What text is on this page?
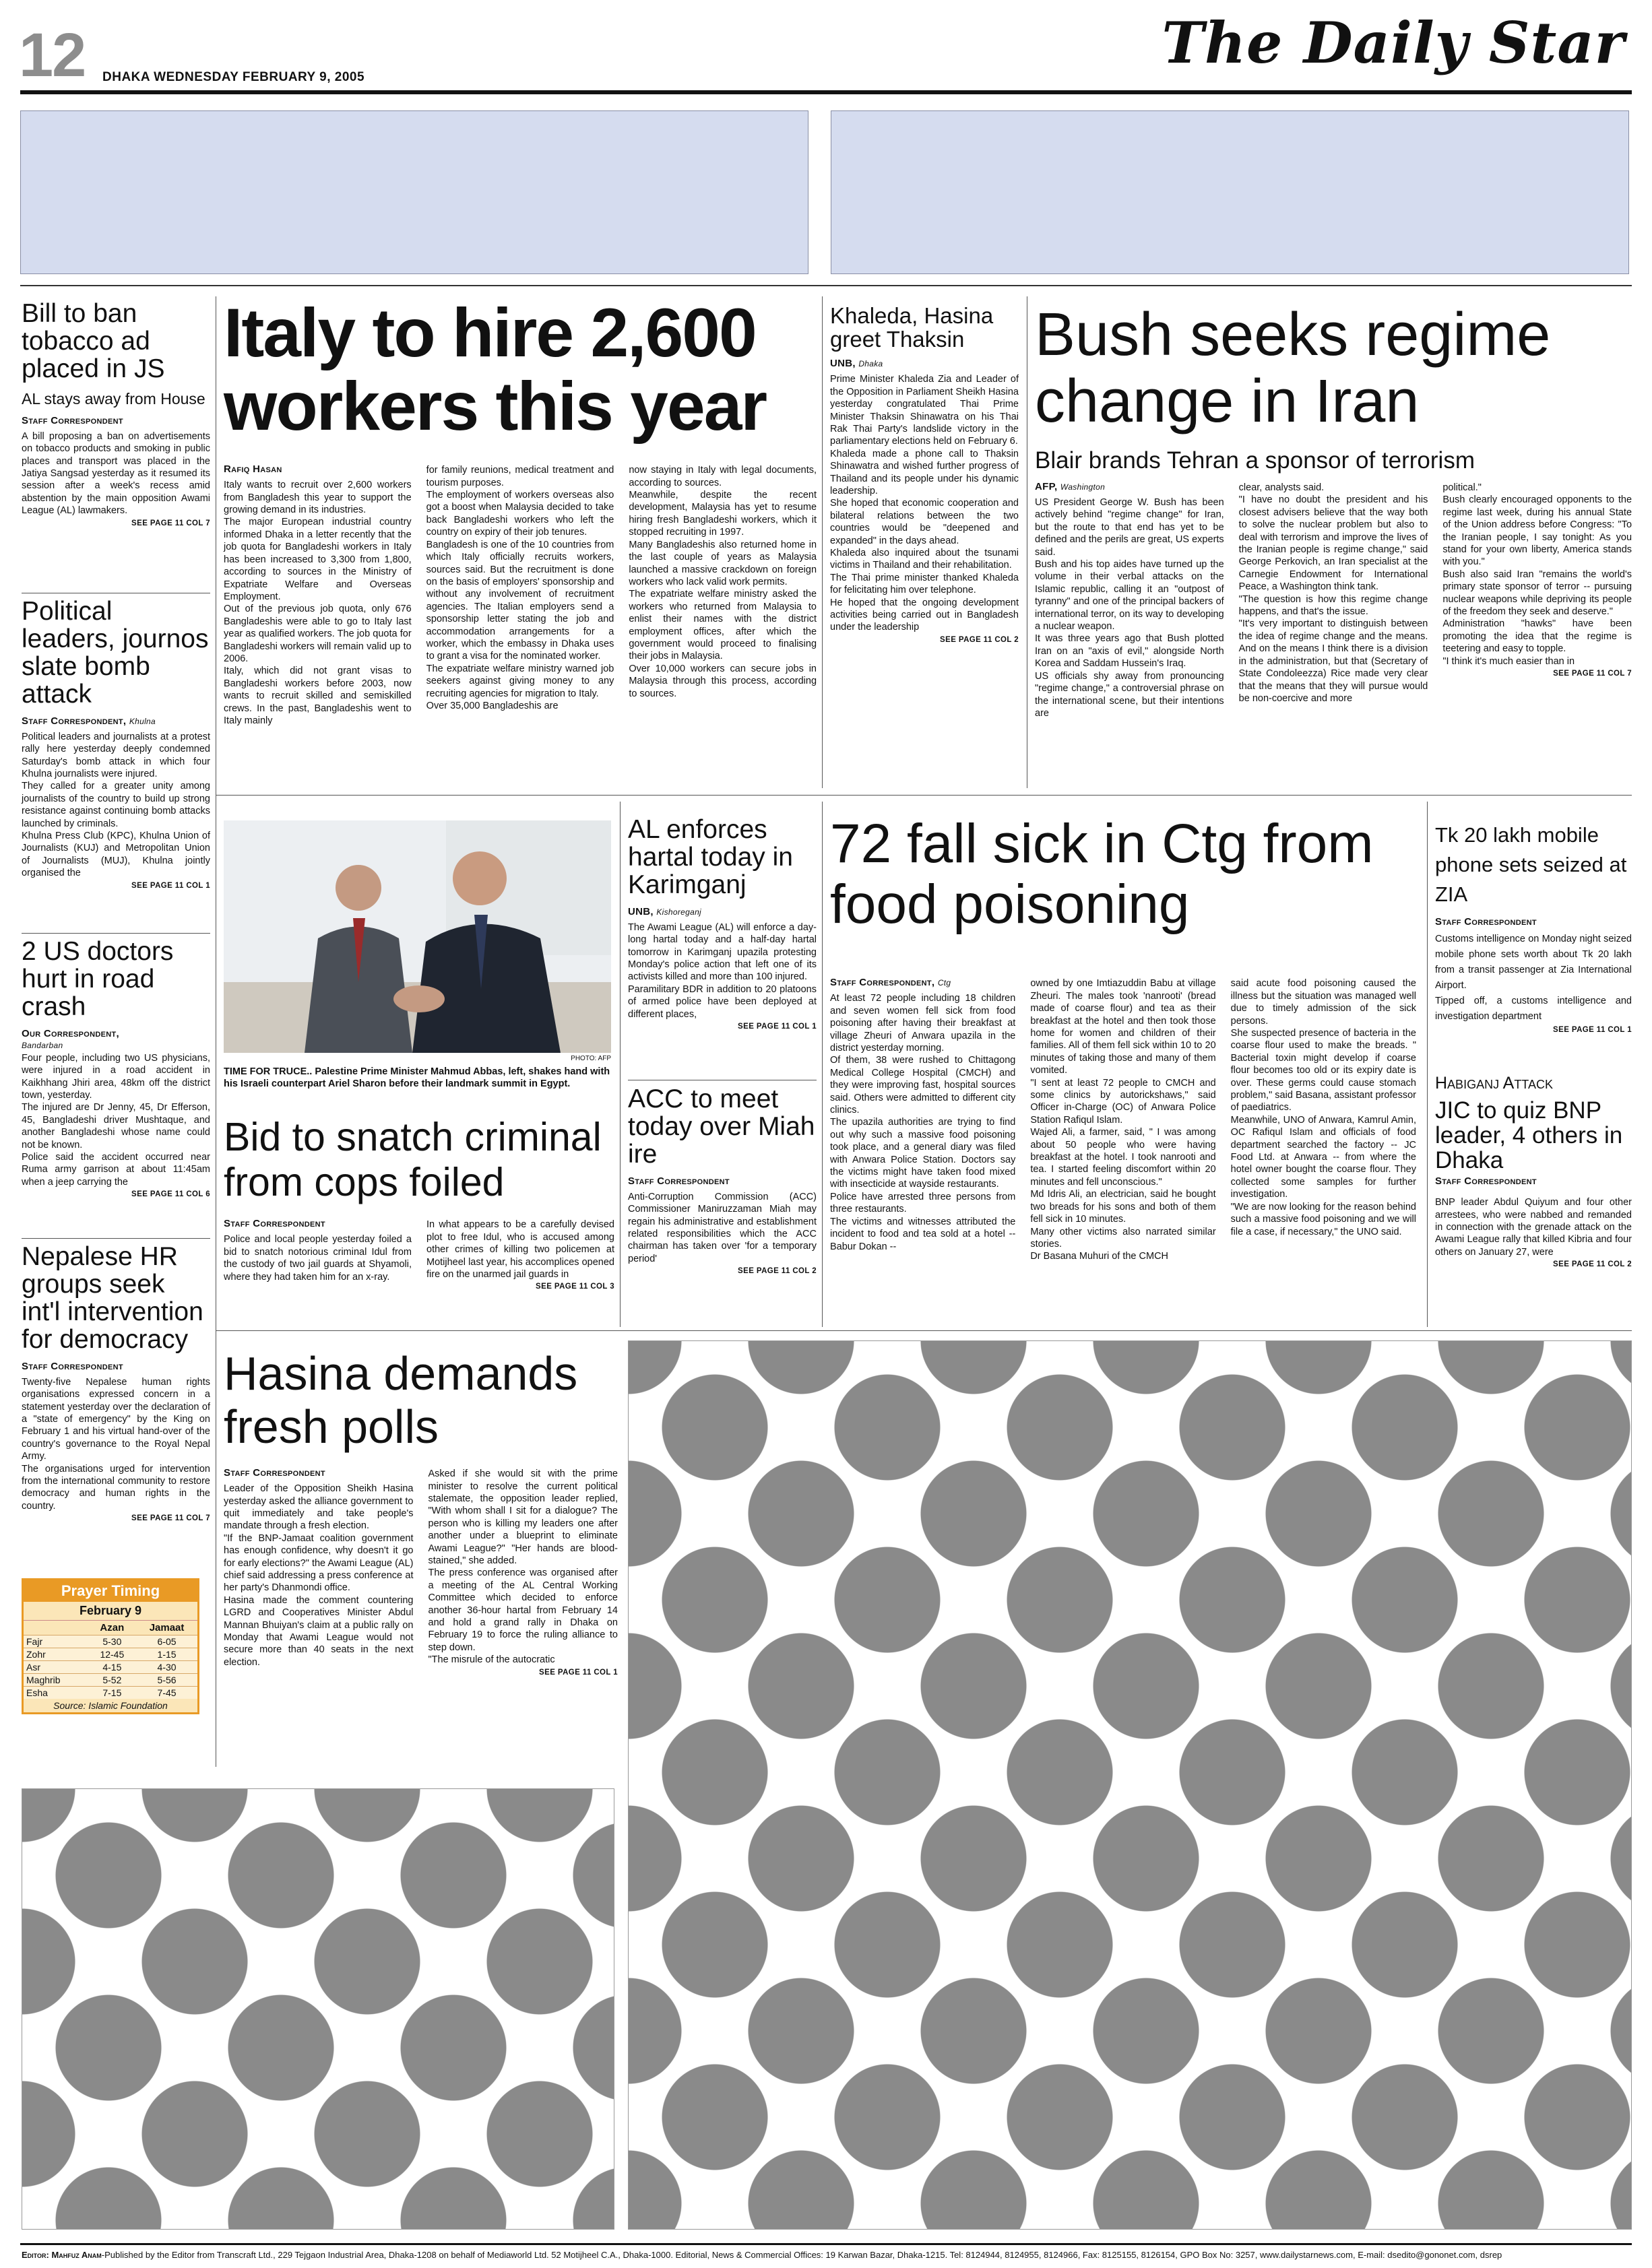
12 DHAKA WEDNESDAY FEBRUARY 9, 2005
The Daily Star
Bill to ban tobacco ad placed in JS
AL stays away from House
Staff Correspondent
A bill proposing a ban on advertisements on tobacco products and smoking in public places and transport was placed in the Jatiya Sangsad yesterday as it resumed its session after a week's recess amid abstention by the main opposition Awami League (AL) lawmakers.
SEE PAGE 11 COL 7
Political leaders, journos slate bomb attack
Staff Correspondent, Khulna
Political leaders and journalists at a protest rally here yesterday deeply condemned Saturday's bomb attack in which four Khulna journalists were injured.
They called for a greater unity among journalists of the country to build up strong resistance against continuing bomb attacks launched by criminals.
Khulna Press Club (KPC), Khulna Union of Journalists (KUJ) and Metropolitan Union of Journalists (MUJ), Khulna jointly organised the
SEE PAGE 11 COL 1
2 US doctors hurt in road crash
Our Correspondent,
Bandarban
Four people, including two US physicians, were injured in a road accident in Kaikhhang Jhiri area, 48km off the district town, yesterday.
The injured are Dr Jenny, 45, Dr Efferson, 45, Bangladeshi driver Mushtaque, and another Bangladeshi whose name could not be known.
Police said the accident occurred near Ruma army garrison at about 11:45am when a jeep carrying the
SEE PAGE 11 COL 6
Nepalese HR groups seek int'l intervention for democracy
Staff Correspondent
Twenty-five Nepalese human rights organisations expressed concern in a statement yesterday over the declaration of a "state of emergency" by the King on February 1 and his virtual hand-over of the country's governance to the Royal Nepal Army.
The organisations urged for intervention from the international community to restore democracy and human rights in the country.
SEE PAGE 11 COL 7
Prayer Timing
February 9
	Azan	Jamaat
Fajr	5-30	6-05
Zohr	12-45	1-15
Asr	4-15	4-30
Maghrib	5-52	5-56
Esha	7-15	7-45
Source: Islamic Foundation
Italy to hire 2,600 workers this year
Rafiq Hasan
Italy wants to recruit over 2,600 workers from Bangladesh this year to support the growing demand in its industries.
The major European industrial country informed Dhaka in a letter recently that the job quota for Bangladeshi workers in Italy has been increased to 3,300 from 1,800, according to sources in the Ministry of Expatriate Welfare and Overseas Employment.
Out of the previous job quota, only 676 Bangladeshis were able to go to Italy last year as qualified workers. The job quota for Bangladeshi workers will remain valid up to 2006.
Italy, which did not grant visas to Bangladeshi workers before 2003, now wants to recruit skilled and semiskilled crews. In the past, Bangladeshis went to Italy mainly
for family reunions, medical treatment and tourism purposes.
The employment of workers overseas also got a boost when Malaysia decided to take back Bangladeshi workers who left the country on expiry of their job tenures.
Bangladesh is one of the 10 countries from which Italy officially recruits workers, sources said. But the recruitment is done on the basis of employers' sponsorship and without any involvement of recruitment agencies. The Italian employers send a sponsorship letter stating the job and accommodation arrangements for a worker, which the embassy in Dhaka uses to grant a visa for the nominated worker.
The expatriate welfare ministry warned job seekers against giving money to any recruiting agencies for migration to Italy.
Over 35,000 Bangladeshis are
now staying in Italy with legal documents, according to sources.
Meanwhile, despite the recent development, Malaysia has yet to resume hiring fresh Bangladeshi workers, which it stopped recruiting in 1997.
Many Bangladeshis also returned home in the last couple of years as Malaysia launched a massive crackdown on foreign workers who lack valid work permits.
The expatriate welfare ministry asked the workers who returned from Malaysia to enlist their names with the district employment offices, after which the government would proceed to finalising their jobs in Malaysia.
Over 10,000 workers can secure jobs in Malaysia through this process, according to sources.
Khaleda, Hasina greet Thaksin
UNB, Dhaka
Prime Minister Khaleda Zia and Leader of the Opposition in Parliament Sheikh Hasina yesterday congratulated Thai Prime Minister Thaksin Shinawatra on his Thai Rak Thai Party's landslide victory in the parliamentary elections held on February 6.
Khaleda made a phone call to Thaksin Shinawatra and wished further progress of Thailand and its people under his dynamic leadership.
She hoped that economic cooperation and bilateral relations between the two countries would be "deepened and expanded" in the days ahead.
Khaleda also inquired about the tsunami victims in Thailand and their rehabilitation.
The Thai prime minister thanked Khaleda for felicitating him over telephone.
He hoped that the ongoing development activities being carried out in Bangladesh under the leadership
SEE PAGE 11 COL 2
Bush seeks regime change in Iran
Blair brands Tehran a sponsor of terrorism
AFP, Washington
US President George W. Bush has been actively behind "regime change" for Iran, but the route to that end has yet to be defined and the perils are great, US experts said.
Bush and his top aides have turned up the volume in their verbal attacks on the Islamic republic, calling it an "outpost of tyranny" and one of the principal backers of international terror, on its way to developing a nuclear weapon.
It was three years ago that Bush plotted Iran on an "axis of evil," alongside North Korea and Saddam Hussein's Iraq.
US officials shy away from pronouncing "regime change," a controversial phrase on the international scene, but their intentions are
clear, analysts said.
"I have no doubt the president and his closest advisers believe that the way both to solve the nuclear problem but also to deal with terrorism and improve the lives of the Iranian people is regime change," said George Perkovich, an Iran specialist at the Carnegie Endowment for International Peace, a Washington think tank.
"The question is how this regime change happens, and that's the issue.
"It's very important to distinguish between the idea of regime change and the means. And on the means I think there is a division in the administration, but that (Secretary of State Condoleezza) Rice made very clear that the means that they will pursue would be non-coercive and more
political."
Bush clearly encouraged opponents to the regime last week, during his annual State of the Union address before Congress: "To the Iranian people, I say tonight: As you stand for your own liberty, America stands with you."
Bush also said Iran "remains the world's primary state sponsor of terror -- pursuing nuclear weapons while depriving its people of the freedom they seek and deserve."
Administration "hawks" have been promoting the idea that the regime is teetering and easy to topple.
"I think it's much easier than in
SEE PAGE 11 COL 7
PHOTO: AFP
TIME FOR TRUCE.. Palestine Prime Minister Mahmud Abbas, left, shakes hand with his Israeli counterpart Ariel Sharon before their landmark summit in Egypt.
Bid to snatch criminal from cops foiled
Staff Correspondent
Police and local people yesterday foiled a bid to snatch notorious criminal Idul from the custody of two jail guards at Shyamoli, where they had taken him for an x-ray.
In what appears to be a carefully devised plot to free Idul, who is accused among other crimes of killing two policemen at Motijheel last year, his accomplices opened fire on the unarmed jail guards in
SEE PAGE 11 COL 3
AL enforces hartal today in Karimganj
UNB, Kishoreganj
The Awami League (AL) will enforce a day-long hartal today and a half-day hartal tomorrow in Karimganj upazila protesting Monday's police action that left one of its activists killed and more than 100 injured.
Paramilitary BDR in addition to 20 platoons of armed police have been deployed at different places,
SEE PAGE 11 COL 1
ACC to meet today over Miah ire
Staff Correspondent
Anti-Corruption Commission (ACC) Commissioner Maniruzzaman Miah may regain his administrative and establishment related responsibilities which the ACC chairman has taken over 'for a temporary period'
SEE PAGE 11 COL 2
72 fall sick in Ctg from food poisoning
Staff Correspondent, Ctg
At least 72 people including 18 children and seven women fell sick from food poisoning after having their breakfast at village Zheuri of Anwara upazila in the district yesterday morning.
Of them, 38 were rushed to Chittagong Medical College Hospital (CMCH) and they were improving fast, hospital sources said. Others were admitted to different city clinics.
The upazila authorities are trying to find out why such a massive food poisoning took place, and a general diary was filed with Anwara Police Station. Doctors say the victims might have taken food mixed with insecticide at wayside restaurants.
Police have arrested three persons from three restaurants.
The victims and witnesses attributed the incident to food and tea sold at a hotel -- Babur Dokan --
owned by one Imtiazuddin Babu at village Zheuri. The males took 'nanrooti' (bread made of coarse flour) and tea as their breakfast at the hotel and then took those home for women and children of their families. All of them fell sick within 10 to 20 minutes of taking those and many of them vomited.
"I sent at least 72 people to CMCH and some clinics by autorickshaws," said Officer in-Charge (OC) of Anwara Police Station Rafiqul Islam.
Wajed Ali, a farmer, said, " I was among about 50 people who were having breakfast at the hotel. I took nanrooti and tea. I started feeling discomfort within 20 minutes and fell unconscious."
Md Idris Ali, an electrician, said he bought two breads for his sons and both of them fell sick in 10 minutes.
Many other victims also narrated similar stories.
Dr Basana Muhuri of the CMCH
said acute food poisoning caused the illness but the situation was managed well due to timely admission of the sick persons.
She suspected presence of bacteria in the coarse flour used to make the breads. " Bacterial toxin might develop if coarse flour becomes too old or its expiry date is over. These germs could cause stomach problem," said Basana, assistant professor of paediatrics.
Meanwhile, UNO of Anwara, Kamrul Amin, OC Rafiqul Islam and officials of food department searched the factory -- JC Food Ltd. at Anwara -- from where the hotel owner bought the coarse flour. They collected some samples for further investigation.
"We are now looking for the reason behind such a massive food poisoning and we will file a case, if necessary," the UNO said.
Tk 20 lakh mobile phone sets seized at ZIA
Staff Correspondent
Customs intelligence on Monday night seized mobile phone sets worth about Tk 20 lakh from a transit passenger at Zia International Airport.
Tipped off, a customs intelligence and investigation department
SEE PAGE 11 COL 1
Habiganj Attack
JIC to quiz BNP leader, 4 others in Dhaka
Staff Correspondent
BNP leader Abdul Quiyum and four other arrestees, who were nabbed and remanded in connection with the grenade attack on the Awami League rally that killed Kibria and four others on January 27, were
SEE PAGE 11 COL 2
Hasina demands fresh polls
Staff Correspondent
Leader of the Opposition Sheikh Hasina yesterday asked the alliance government to quit immediately and take people's mandate through a fresh election.
"If the BNP-Jamaat coalition government has enough confidence, why doesn't it go for early elections?" the Awami League (AL) chief said addressing a press conference at her party's Dhanmondi office.
Hasina made the comment countering LGRD and Cooperatives Minister Abdul Mannan Bhuiyan's claim at a public rally on Monday that Awami League would not secure more than 40 seats in the next election.
Asked if she would sit with the prime minister to resolve the current political stalemate, the opposition leader replied, "With whom shall I sit for a dialogue? The person who is killing my leaders one after another under a blueprint to eliminate Awami League?" "Her hands are blood-stained," she added.
The press conference was organised after a meeting of the AL Central Working Committee which decided to enforce another 36-hour hartal from February 14 and hold a grand rally in Dhaka on February 19 to force the ruling alliance to step down.
"The misrule of the autocratic
SEE PAGE 11 COL 1
Editor: Mahfuz Anam-Published by the Editor from Transcraft Ltd., 229 Tejgaon Industrial Area, Dhaka-1208 on behalf of Mediaworld Ltd. 52 Motijheel C.A., Dhaka-1000. Editorial, News & Commercial Offices: 19 Karwan Bazar, Dhaka-1215. Tel: 8124944, 8124955, 8124966, Fax: 8125155, 8126154, GPO Box No: 3257, www.dailystarnews.com, E-mail: dsedito@gononet.com, dsrep
